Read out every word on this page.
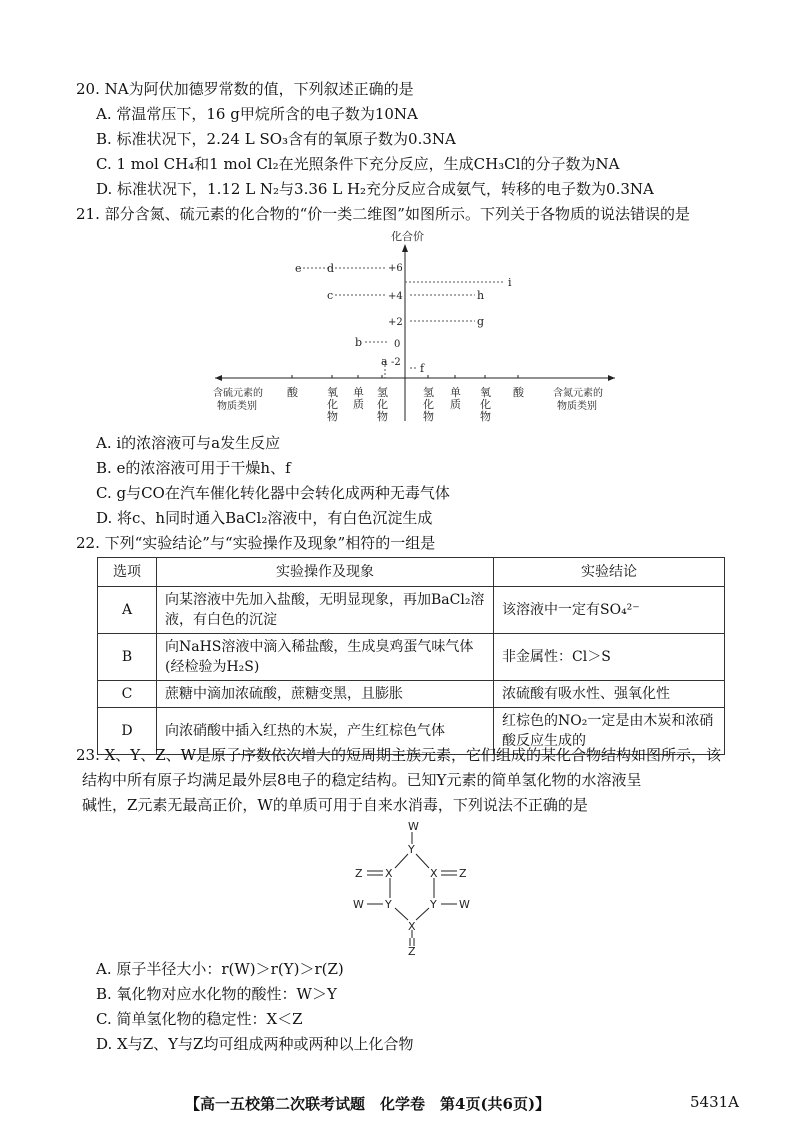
20. NA为阿伏加德罗常数的值，下列叙述正确的是
A. 常温常压下，16 g甲烷所含的电子数为10NA
B. 标准状况下，2.24 L SO₃含有的氧原子数为0.3NA
C. 1 mol CH₄和1 mol Cl₂在光照条件下充分反应，生成CH₃Cl的分子数为NA
D. 标准状况下，1.12 L N₂与3.36 L H₂充分反应合成氨气，转移的电子数为0.3NA
21. 部分含氮、硫元素的化合物的“价一类二维图”如图所示。下列关于各物质的说法错误的是
化合价
+6
+4
+2
0
-2
e d
c
b
a
i
h
g
f
含硫元素的
物质类别
含氮元素的
物质类别
酸	氧
化
物
单
质
氢
化
物
氢
化
物
单
质
氧
化
物
酸
A. i的浓溶液可与a发生反应
B. e的浓溶液可用于干燥h、f
C. g与CO在汽车催化转化器中会转化成两种无毒气体
D. 将c、h同时通入BaCl₂溶液中，有白色沉淀生成
22. 下列“实验结论”与“实验操作及现象”相符的一组是
选项	实验操作及现象	实验结论
A	向某溶液中先加入盐酸，无明显现象，再加BaCl₂溶液，有白色的沉淀	该溶液中一定有SO₄²⁻
B	向NaHS溶液中滴入稀盐酸，生成臭鸡蛋气味气体(经检验为H₂S)	非金属性：Cl＞S
C	蔗糖中滴加浓硫酸，蔗糖变黑，且膨胀	浓硫酸有吸水性、强氧化性
D	向浓硝酸中插入红热的木炭，产生红棕色气体	红棕色的NO₂一定是由木炭和浓硝酸反应生成的
23. X、Y、Z、W是原子序数依次增大的短周期主族元素，它们组成的某化合物结构如图所示，该
结构中所有原子均满足最外层8电子的稳定结构。已知Y元素的简单氢化物的水溶液呈
碱性，Z元素无最高正价，W的单质可用于自来水消毒，下列说法不正确的是
W
Y
X	X
Z	Z
W Y	Y W
X
Z
A. 原子半径大小：r(W)＞r(Y)＞r(Z)
B. 氧化物对应水化物的酸性：W＞Y
C. 简单氢化物的稳定性：X＜Z
D. X与Z、Y与Z均可组成两种或两种以上化合物
【高一五校第二次联考试题　化学卷　第4页(共6页)】	5431A
